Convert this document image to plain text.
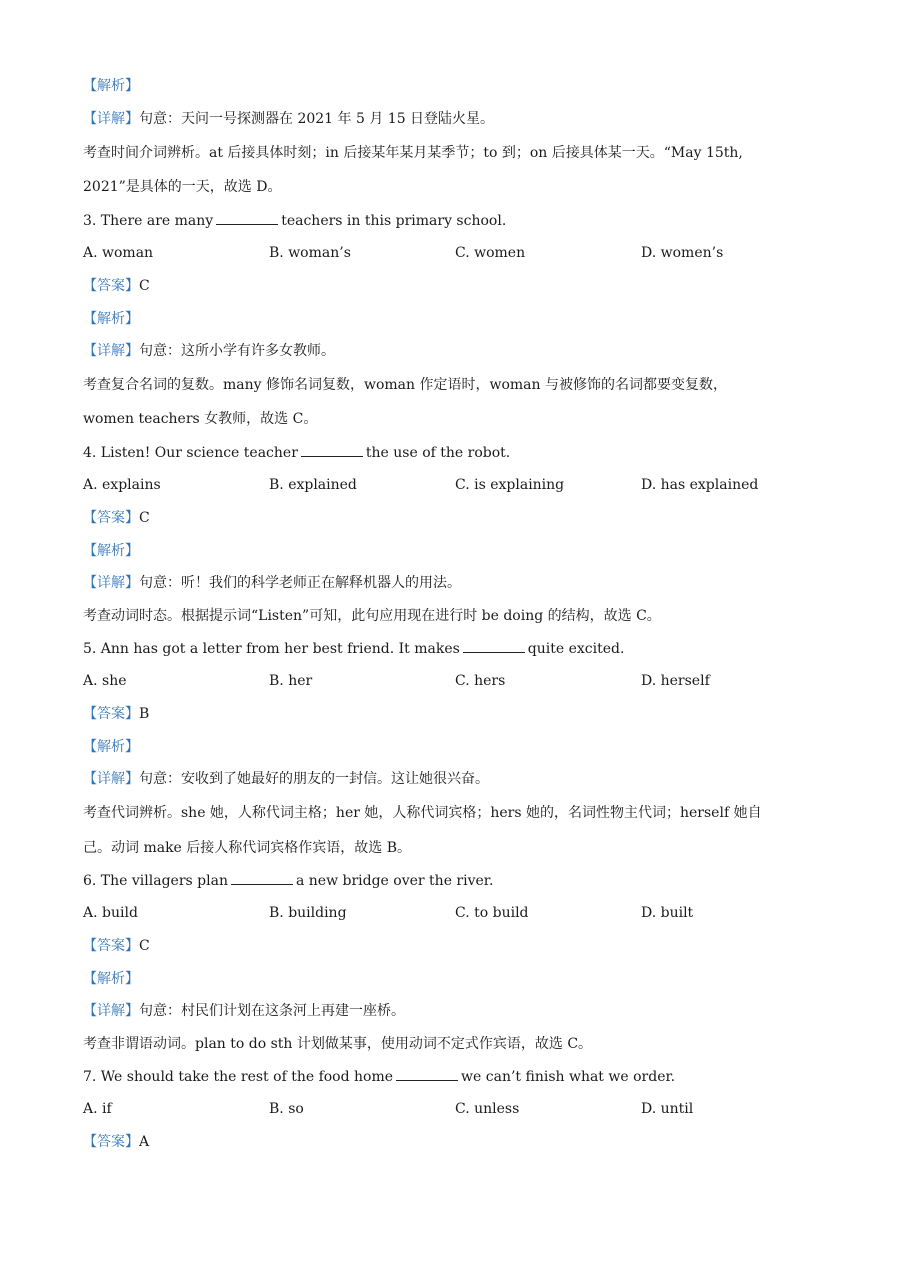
【解析】
【详解】句意：天问一号探测器在 2021 年 5 月 15 日登陆火星。
考查时间介词辨析。at 后接具体时刻；in 后接某年某月某季节；to 到；on 后接具体某一天。“May 15th,
2021”是具体的一天，故选 D。
3. There are many	teachers in this primary school.
A. woman	B. woman’s	C. women	D. women’s
【答案】C
【解析】
【详解】句意：这所小学有许多女教师。
考查复合名词的复数。many 修饰名词复数，woman 作定语时，woman 与被修饰的名词都要变复数，
women teachers 女教师，故选 C。
4. Listen! Our science teacher	the use of the robot.
A. explains	B. explained	C. is explaining	D. has explained
【答案】C
【解析】
【详解】句意：听！我们的科学老师正在解释机器人的用法。
考查动词时态。根据提示词“Listen”可知，此句应用现在进行时 be doing 的结构，故选 C。
5. Ann has got a letter from her best friend. It makes	quite excited.
A. she	B. her	C. hers	D. herself
【答案】B
【解析】
【详解】句意：安收到了她最好的朋友的一封信。这让她很兴奋。
考查代词辨析。she 她，人称代词主格；her 她，人称代词宾格；hers 她的，名词性物主代词；herself 她自
己。动词 make 后接人称代词宾格作宾语，故选 B。
6. The villagers plan	a new bridge over the river.
A. build	B. building	C. to build	D. built
【答案】C
【解析】
【详解】句意：村民们计划在这条河上再建一座桥。
考查非谓语动词。plan to do sth 计划做某事，使用动词不定式作宾语，故选 C。
7. We should take the rest of the food home	we can’t finish what we order.
A. if	B. so	C. unless	D. until
【答案】A
